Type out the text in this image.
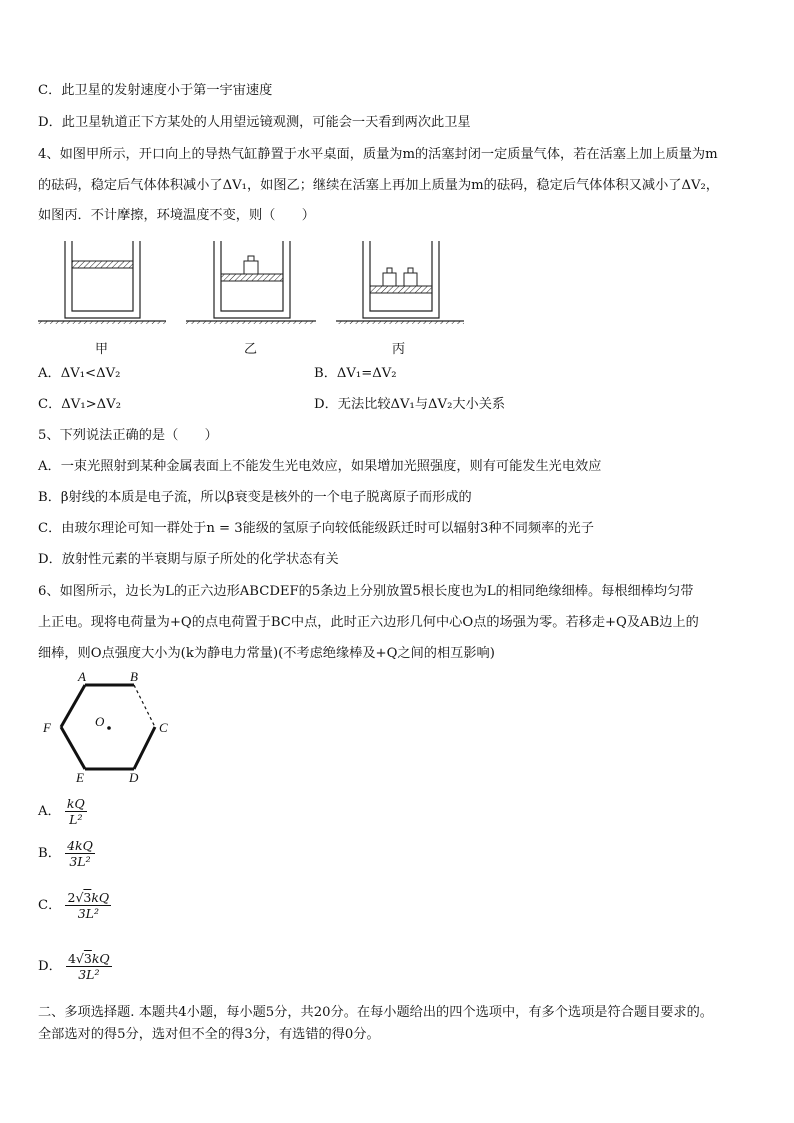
C．此卫星的发射速度小于第一宇宙速度
D．此卫星轨道正下方某处的人用望远镜观测，可能会一天看到两次此卫星
4、如图甲所示，开口向上的导热气缸静置于水平桌面，质量为m的活塞封闭一定质量气体，若在活塞上加上质量为m
的砝码，稳定后气体体积减小了ΔV₁，如图乙；继续在活塞上再加上质量为m的砝码，稳定后气体体积又减小了ΔV₂，
如图丙．不计摩擦，环境温度不变，则（　　）
甲	乙	丙
A．ΔV₁<ΔV₂	B．ΔV₁=ΔV₂
C．ΔV₁>ΔV₂	D．无法比较ΔV₁与ΔV₂大小关系
5、下列说法正确的是（　　）
A．一束光照射到某种金属表面上不能发生光电效应，如果增加光照强度，则有可能发生光电效应
B．β射线的本质是电子流，所以β衰变是核外的一个电子脱离原子而形成的
C．由玻尔理论可知一群处于n = 3能级的氢原子向较低能级跃迁时可以辐射3种不同频率的光子
D．放射性元素的半衰期与原子所处的化学状态有关
6、如图所示，边长为L的正六边形ABCDEF的5条边上分别放置5根长度也为L的相同绝缘细棒。每根细棒均匀带
上正电。现将电荷量为+Q的点电荷置于BC中点，此时正六边形几何中心O点的场强为零。若移走+Q及AB边上的
细棒，则O点强度大小为(k为静电力常量)(不考虑绝缘棒及+Q之间的相互影响)
A	B
C
D
E
F	O
A． $\frac{kQ}{\text{L²}}$
B． $\frac{4kQ}{\text{3L²}}$
C． $\frac{2√3kQ}{\text{3L²}}$
D． $\frac{4√3kQ}{\text{3L²}}$
二、多项选择题. 本题共4小题，每小题5分，共20分。在每小题给出的四个选项中，有多个选项是符合题目要求的。
全部选对的得5分，选对但不全的得3分，有选错的得0分。
